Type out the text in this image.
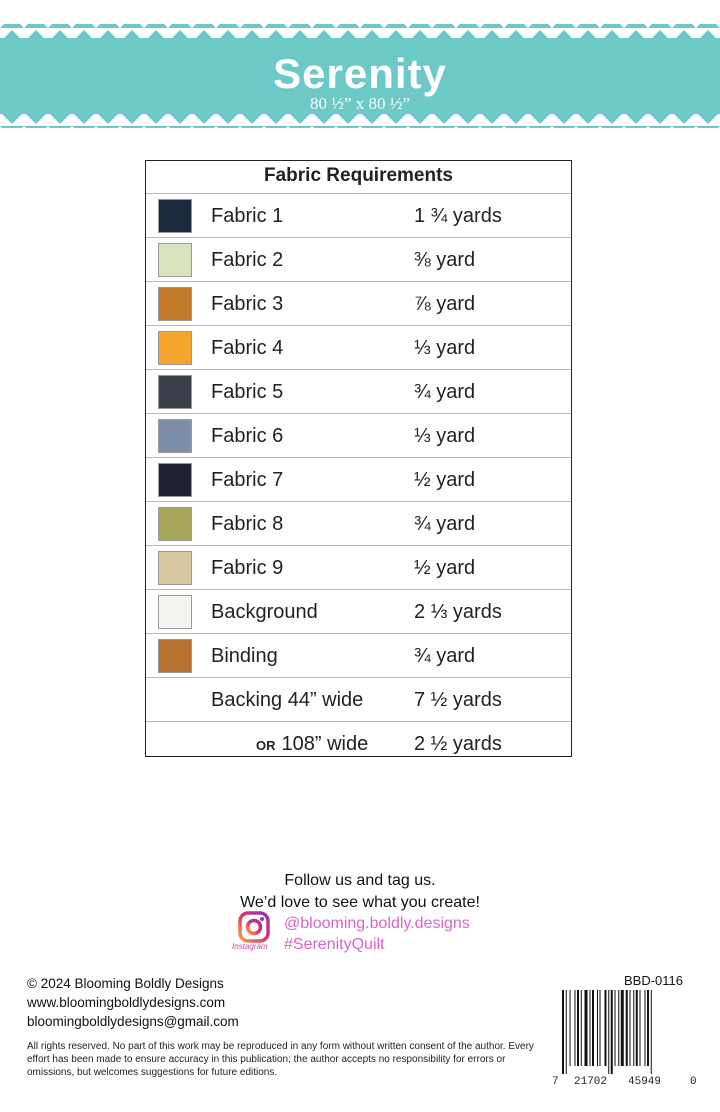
Serenity
80 ½” x 80 ½”
Fabric Requirements
Fabric 1	1 ¾ yards
Fabric 2	⅜ yard
Fabric 3	⅞ yard
Fabric 4	⅓ yard
Fabric 5	¾ yard
Fabric 6	⅓ yard
Fabric 7	½ yard
Fabric 8	¾ yard
Fabric 9	½ yard
Background	2 ⅓ yards
Binding	¾ yard
Backing 44” wide	7 ½ yards
OR 108” wide 2 ½ yards
Follow us and tag us.
We’d love to see what you create!
Instagram
@blooming.boldly.designs
#SerenityQuilt
© 2024 Blooming Boldly Designs
www.bloomingboldlydesigns.com
bloomingboldlydesigns@gmail.com
All rights reserved. No part of this work may be reproduced in any form without written consent of the author. Every effort has been made to ensure accuracy in this publication; the author accepts no responsibility for errors or omissions, but welcomes suggestions for future editions.
BBD-0116
7 21702 45949	0
